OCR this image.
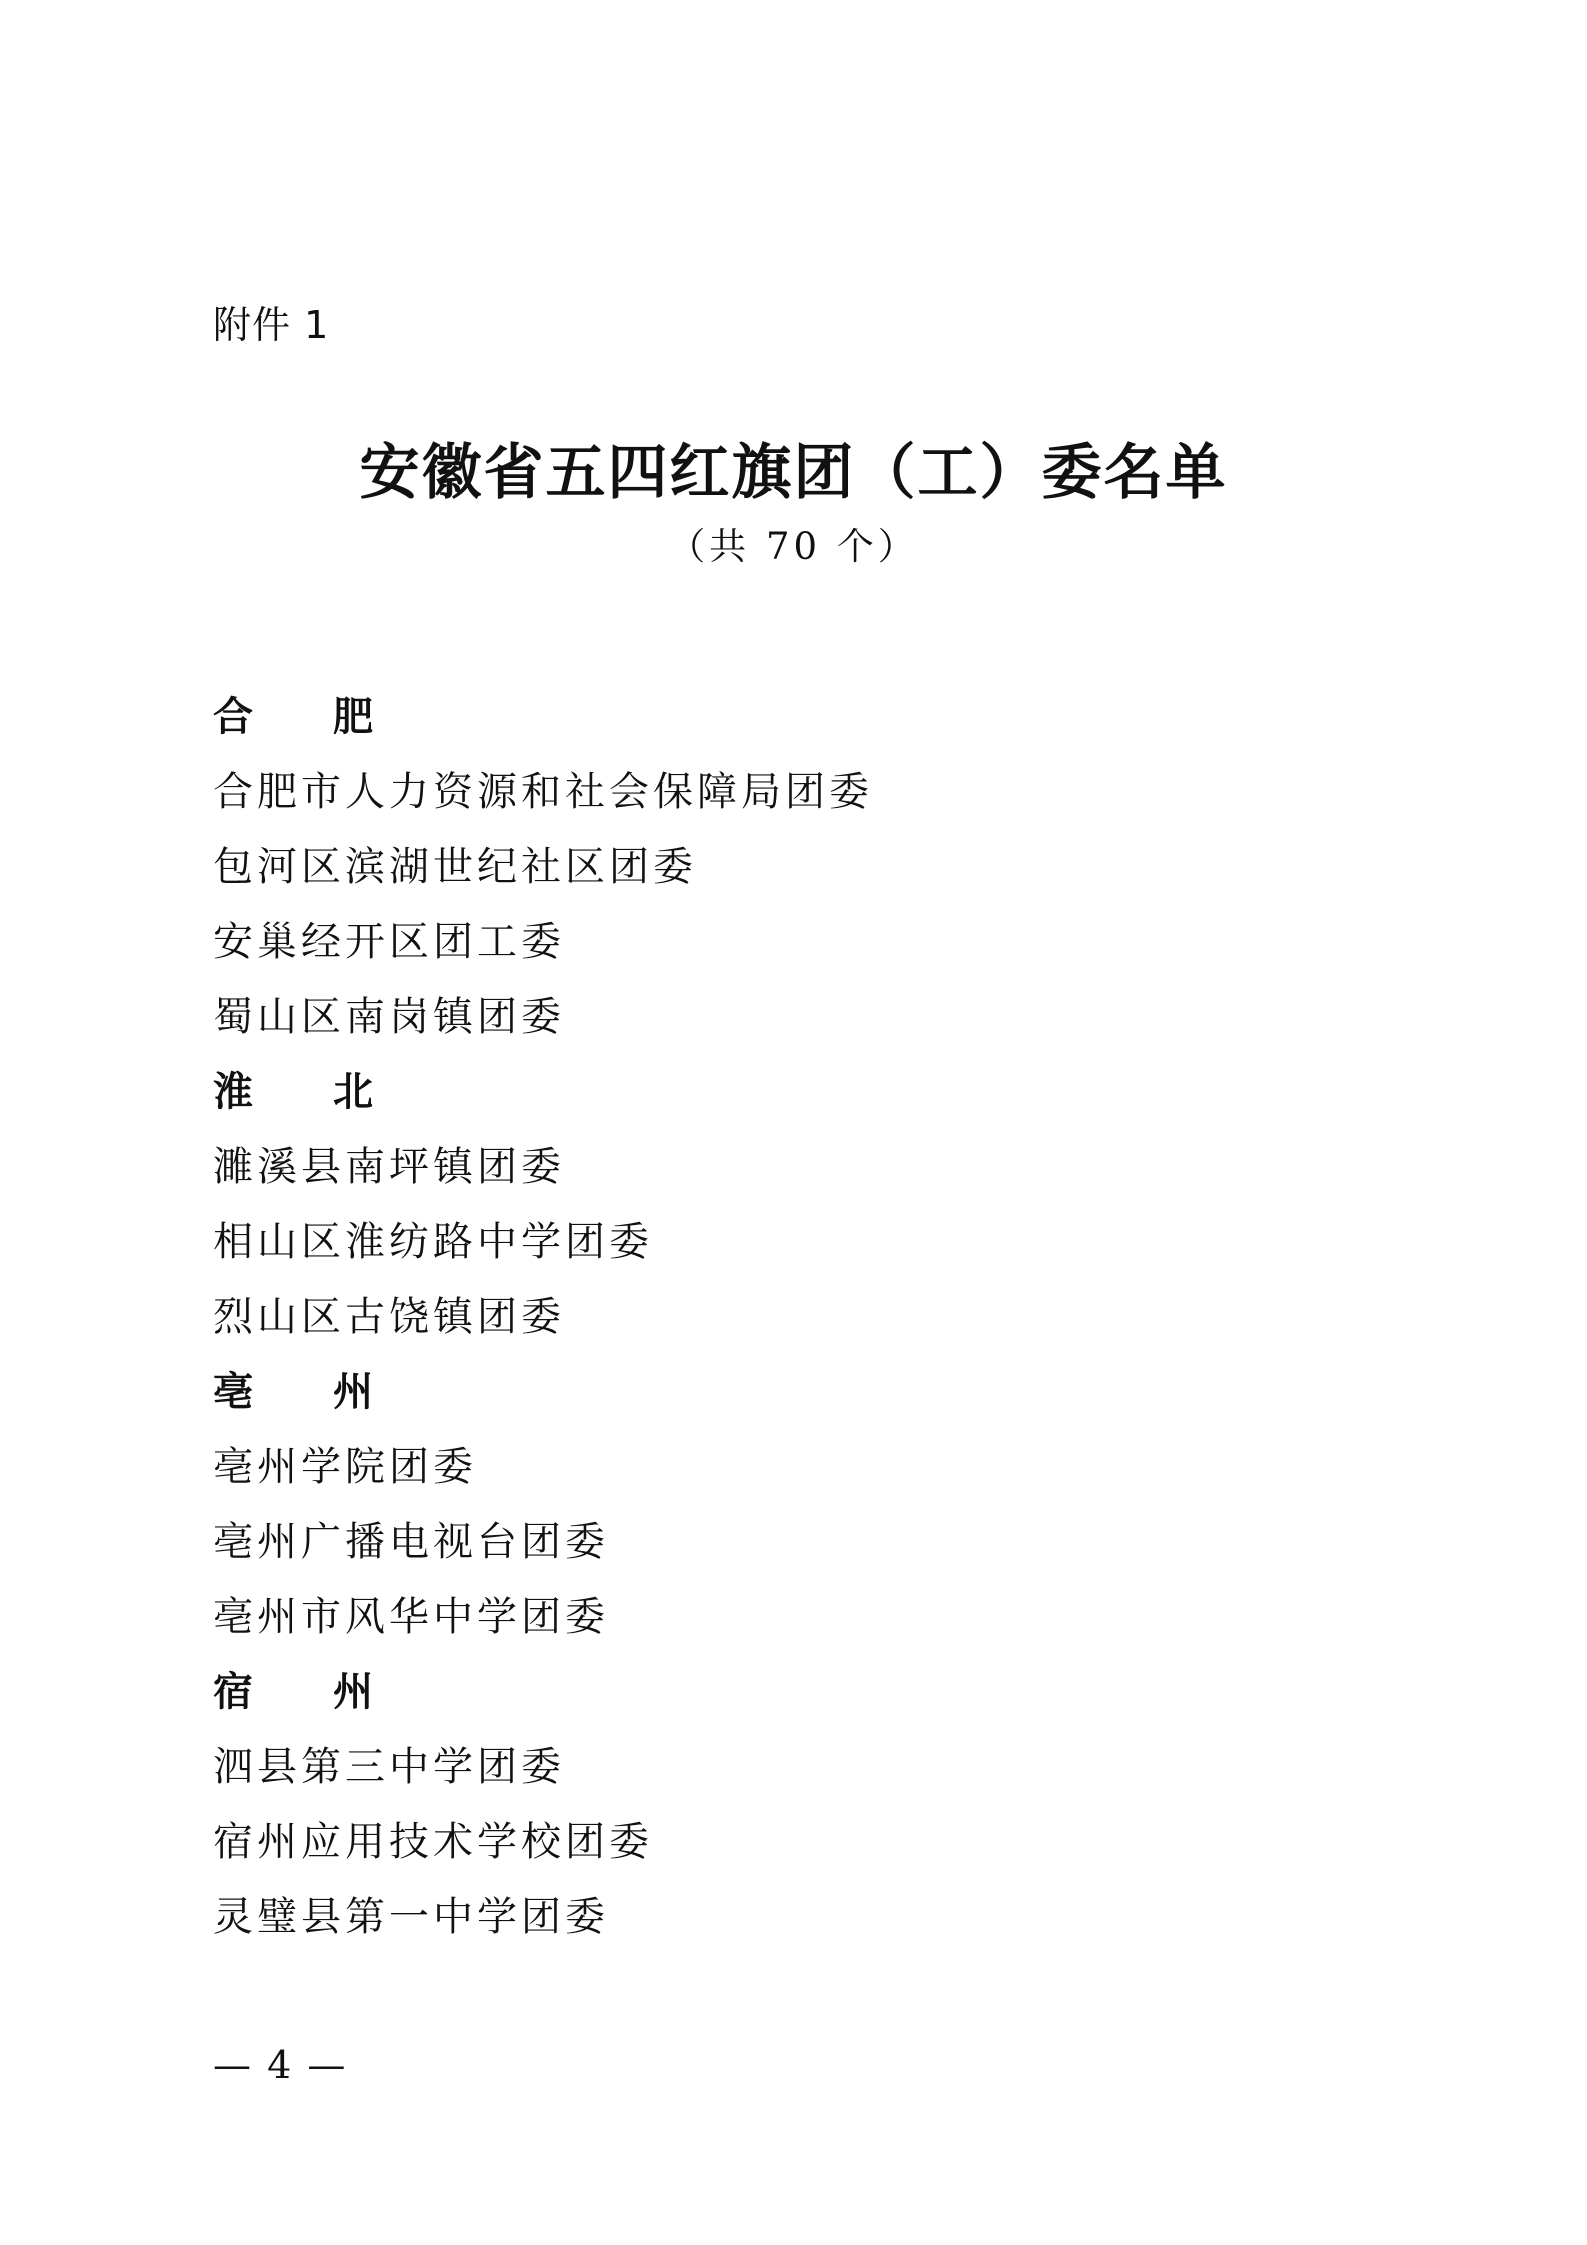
附件 1
安徽省五四红旗团（工）委名单
（共 70 个）
合　肥
合肥市人力资源和社会保障局团委
包河区滨湖世纪社区团委
安巢经开区团工委
蜀山区南岗镇团委
淮　北
濉溪县南坪镇团委
相山区淮纺路中学团委
烈山区古饶镇团委
亳　州
亳州学院团委
亳州广播电视台团委
亳州市风华中学团委
宿　州
泗县第三中学团委
宿州应用技术学校团委
灵璧县第一中学团委
— 4 —
